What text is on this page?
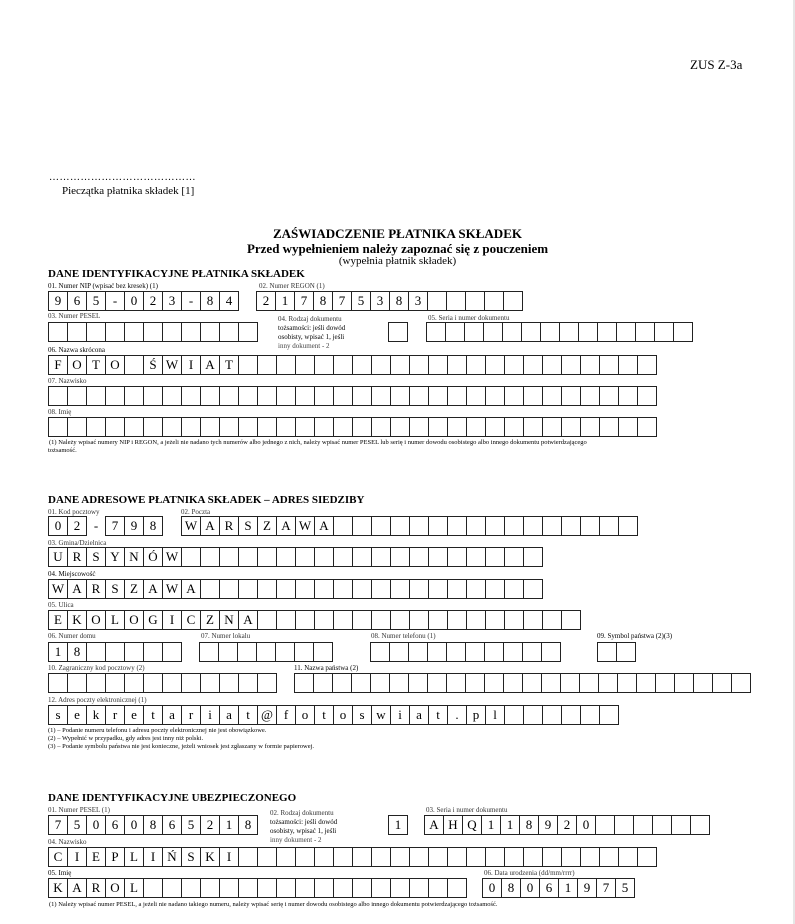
ZUS Z-3a
……………………………………
Pieczątka płatnika składek [1]
ZAŚWIADCZENIE PŁATNIKA SKŁADEK
Przed wypełnieniem należy zapoznać się z pouczeniem
(wypełnia płatnik składek)
DANE IDENTYFIKACYJNE PŁATNIKA SKŁADEK
01. Numer NIP (wpisać bez kresek) (1)
9 6 5	-	0 2 3	-	8 4
02. Numer REGON (1)
2 1 7 8 7 5 3 8 3
03. Numer PESEL	04. Rodzaj dokumentu
tożsamości: jeśli dowód
osobisty, wpisać 1, jeśli
inny dokument - 2
05. Seria i numer dokumentu
06. Nazwa skrócona
F O T O	Ś W I A T
07. Nazwisko
08. Imię
(1) Należy wpisać numery NIP i REGON, a jeżeli nie nadano tych numerów albo jednego z nich, należy wpisać numer PESEL lub serię i numer dowodu osobistego albo innego dokumentu potwierdzającego
tożsamość.
DANE ADRESOWE PŁATNIKA SKŁADEK – ADRES SIEDZIBY
01. Kod pocztowy
0 2	-	7 9 8
02. Poczta
W A R S Z A W A
03. Gmina/Dzielnica
U R S Y N Ó W
04. Miejscowość
W A R S Z A W A
05. Ulica
E K O L O G I C Z N A
06. Numer domu
1 8
07. Numer lokalu	08. Numer telefonu (1)	09. Symbol państwa (2)(3)
10. Zagraniczny kod pocztowy (2)	11. Nazwa państwa (2)
12. Adres poczty elektronicznej (1)
s	e k	r	e	t	a	r	i	a	t @ f	o	t	o	s w i	a	t	.	p	l
(1) – Podanie numeru telefonu i adresu poczty elektronicznej nie jest obowiązkowe.
(2) – Wypełnić w przypadku, gdy adres jest inny niż polski.
(3) – Podanie symbolu państwa nie jest konieczne, jeżeli wniosek jest zgłaszany w formie papierowej.
DANE IDENTYFIKACYJNE UBEZPIECZONEGO
01. Numer PESEL (1)
7 5 0 6 0 8 6 5 2 1 8
02. Rodzaj dokumentu
tożsamości: jeśli dowód
osobisty, wpisać 1, jeśli
inny dokument - 2
1
03. Seria i numer dokumentu
A H Q 1 1 8 9 2 0
04. Nazwisko
C I E P L I Ń S K I
05. Imię
K A R O L
06. Data urodzenia (dd/mm/rrrr)
0 8 0 6 1 9 7 5
(1) Należy wpisać numer PESEL, a jeżeli nie nadano takiego numeru, należy wpisać serię i numer dowodu osobistego albo innego dokumentu potwierdzającego tożsamość.
